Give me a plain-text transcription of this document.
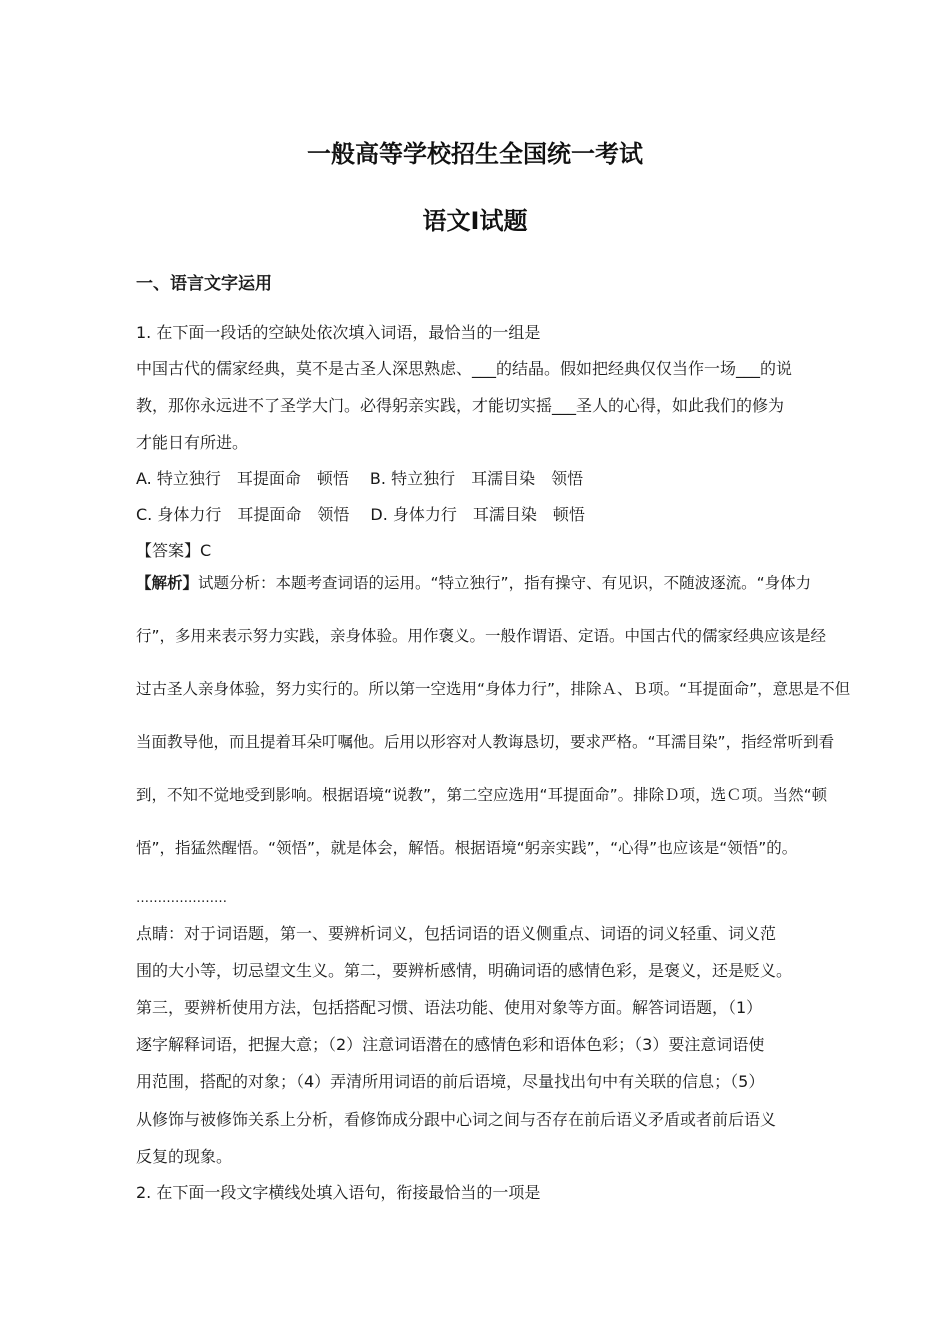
一般高等学校招生全国统一考试
语文Ⅰ试题
一、语言文字运用
1. 在下面一段话的空缺处依次填入词语，最恰当的一组是
中国古代的儒家经典，莫不是古圣人深思熟虑、___的结晶。假如把经典仅仅当作一场___的说
教，那你永远进不了圣学大门。必得躬亲实践，才能切实摇___圣人的心得，如此我们的修为
才能日有所进。
A. 特立独行　耳提面命　顿悟　 B. 特立独行　耳濡目染　领悟
C. 身体力行　耳提面命　领悟　 D. 身体力行　耳濡目染　顿悟
【答案】C
【解析】试题分析：本题考查词语的运用。“特立独行”，指有操守、有见识，不随波逐流。“身体力
行”，多用来表示努力实践，亲身体验。用作褒义。一般作谓语、定语。中国古代的儒家经典应该是经
过古圣人亲身体验，努力实行的。所以第一空选用“身体力行”，排除Ａ、Ｂ项。“耳提面命”，意思是不但
当面教导他，而且提着耳朵叮嘱他。后用以形容对人教诲恳切，要求严格。“耳濡目染”，指经常听到看
到，不知不觉地受到影响。根据语境“说教”，第二空应选用“耳提面命”。排除Ｄ项，选Ｃ项。当然“顿
悟”，指猛然醒悟。“领悟”，就是体会，解悟。根据语境“躬亲实践”，“心得”也应该是“领悟”的。
…………………
点睛：对于词语题，第一、要辨析词义，包括词语的语义侧重点、词语的词义轻重、词义范
围的大小等，切忌望文生义。第二，要辨析感情，明确词语的感情色彩，是褒义，还是贬义。
第三，要辨析使用方法，包括搭配习惯、语法功能、使用对象等方面。解答词语题，（1）
逐字解释词语，把握大意；（2）注意词语潜在的感情色彩和语体色彩；（3）要注意词语使
用范围，搭配的对象；（4）弄清所用词语的前后语境，尽量找出句中有关联的信息；（5）
从修饰与被修饰关系上分析，看修饰成分跟中心词之间与否存在前后语义矛盾或者前后语义
反复的现象。
2. 在下面一段文字横线处填入语句，衔接最恰当的一项是
